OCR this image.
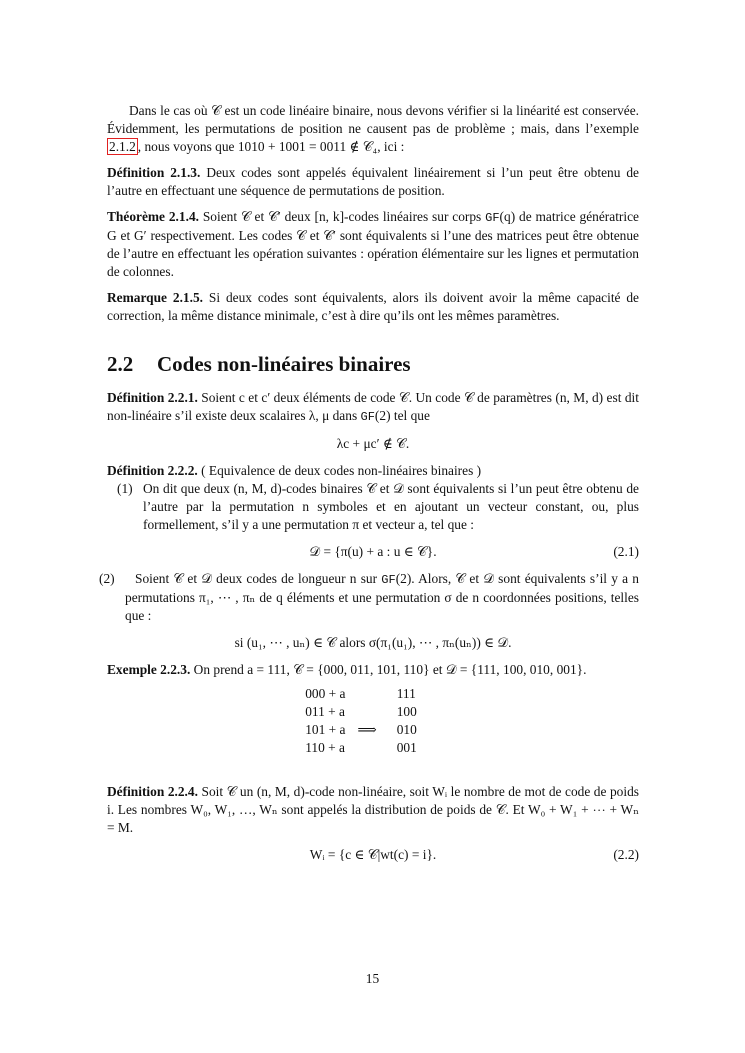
Dans le cas où 𝒞 est un code linéaire binaire, nous devons vérifier si la linéarité est conservée. Évidemment, les permutations de position ne causent pas de problème ; mais, dans l’exemple 2.1.2 , nous voyons que 1010 + 1001 = 0011 ∉ 𝒞₄, ici :

Définition 2.1.3. Deux codes sont appelés équivalent linéairement si l’un peut être obtenu de l’autre en effectuant une séquence de permutations de position.

Théorème 2.1.4. Soient 𝒞 et 𝒞′ deux [n, k]-codes linéaires sur corps GF(q) de matrice génératrice G et G′ respectivement. Les codes 𝒞 et 𝒞′ sont équivalents si l’une des matrices peut être obtenue de l’autre en effectuant les opération suivantes : opération élémentaire sur les lignes et permutation de colonnes.

Remarque 2.1.5. Si deux codes sont équivalents, alors ils doivent avoir la même capacité de correction, la même distance minimale, c’est à dire qu’ils ont les mêmes paramètres.

2.2 Codes non-linéaires binaires

Définition 2.2.1. Soient c et c′ deux éléments de code 𝒞. Un code 𝒞 de paramètres (n, M, d) est dit non-linéaire s’il existe deux scalaires λ, μ dans GF(2) tel que

λc + μc′ ∉ 𝒞.

Définition 2.2.2. ( Equivalence de deux codes non-linéaires binaires )

(1) On dit que deux (n, M, d)-codes binaires 𝒞 et 𝒟 sont équivalents si l’un peut être obtenu de l’autre par la permutation n symboles et en ajoutant un vecteur constant, ou, plus formellement, s’il y a une permutation π et vecteur a, tel que :

𝒟 = {π(u) + a : u ∈ 𝒞}.	(2.1)
(2)	Soient 𝒞 et 𝒟 deux codes de longueur n sur GF(2). Alors, 𝒞 et 𝒟 sont équivalents s’il y a n permutations π₁, ⋯ , πₙ de q éléments et une permutation σ de n coordonnées positions, telles que :

si (u₁, ⋯ , uₙ) ∈ 𝒞 alors σ(π₁(u₁), ⋯ , πₙ(uₙ)) ∈ 𝒟.

Exemple 2.2.3. On prend a = 111, 𝒞 = {000, 011, 101, 110} et 𝒟 = {111, 100, 010, 001}.

000 + a		111
011 + a		100
101 + a	⟹	010
110 + a		001

Définition 2.2.4. Soit 𝒞 un (n, M, d)-code non-linéaire, soit Wᵢ le nombre de mot de code de poids i. Les nombres W₀, W₁, …, Wₙ sont appelés la distribution de poids de 𝒞. Et W₀ + W₁ + ⋯ + Wₙ = M.

Wᵢ = {c ∈ 𝒞|wt(c) = i}.	(2.2)
15
